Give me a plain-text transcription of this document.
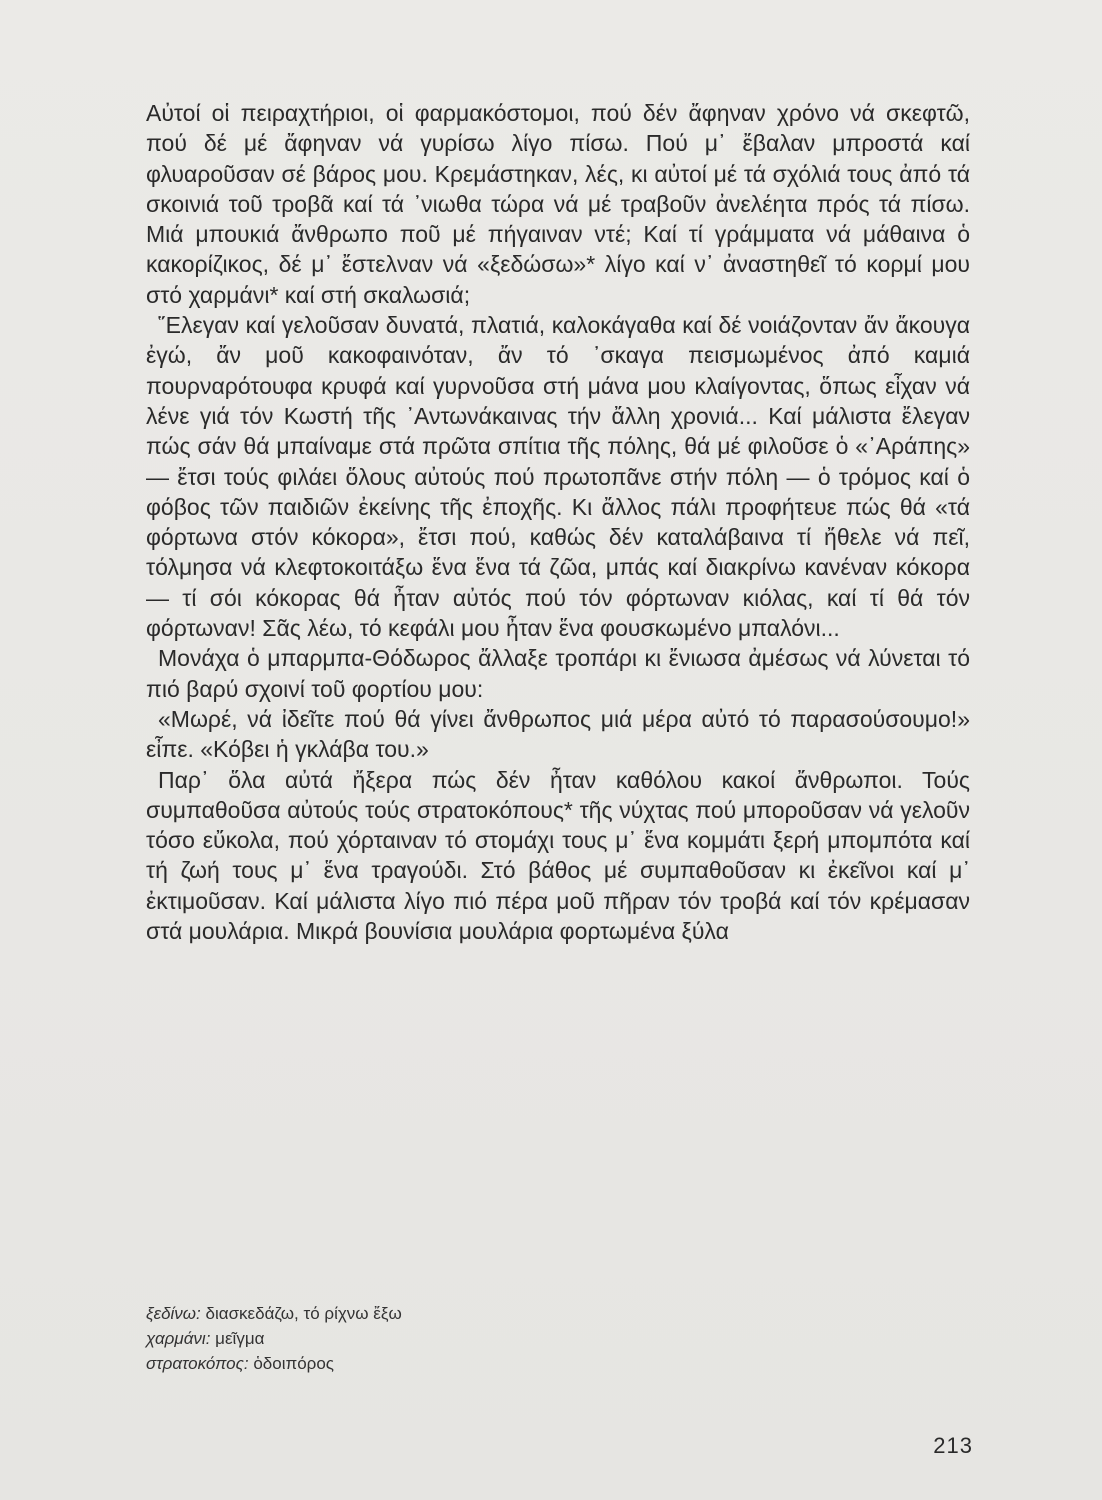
Αὐτοί οἱ πειραχτήριοι, οἱ φαρμακόστομοι, πού δέν ἄφηναν χρόνο νά σκεφτῶ, πού δέ μέ ἄφηναν νά γυρίσω λίγο πίσω. Πού μ᾽ ἔβαλαν μπροστά καί φλυαροῦσαν σέ βάρος μου. Κρεμάστηκαν, λές, κι αὐτοί μέ τά σχόλιά τους ἀπό τά σκοινιά τοῦ τροβᾶ καί τά ᾽νιωθα τώρα νά μέ τραβοῦν ἀνελέητα πρός τά πίσω. Μιά μπουκιά ἄνθρωπο ποῦ μέ πήγαιναν ντέ; Καί τί γράμματα νά μάθαινα ὁ κακορίζικος, δέ μ᾽ ἔστελναν νά «ξεδώσω»* λίγο καί ν᾽ ἀναστηθεῖ τό κορμί μου στό χαρμάνι* καί στή σκαλωσιά;

῞Ελεγαν καί γελοῦσαν δυνατά, πλατιά, καλοκάγαθα καί δέ νοιάζονταν ἄν ἄκουγα ἐγώ, ἄν μοῦ κακοφαινόταν, ἄν τό ᾽σκαγα πεισμωμένος ἀπό καμιά πουρναρότουφα κρυφά καί γυρνοῦσα στή μάνα μου κλαίγοντας, ὅπως εἶχαν νά λένε γιά τόν Κωστή τῆς ᾽Αντωνάκαινας τήν ἄλλη χρονιά... Καί μάλιστα ἔλεγαν πώς σάν θά μπαίναμε στά πρῶτα σπίτια τῆς πόλης, θά μέ φιλοῦσε ὁ «᾽Αράπης» — ἔτσι τούς φιλάει ὅλους αὐτούς πού πρωτοπᾶνε στήν πόλη — ὁ τρόμος καί ὁ φόβος τῶν παιδιῶν ἐκείνης τῆς ἐποχῆς. Κι ἄλλος πάλι προφήτευε πώς θά «τά φόρτωνα στόν κόκορα», ἔτσι πού, καθώς δέν καταλάβαινα τί ἤθελε νά πεῖ, τόλμησα νά κλεφτοκοιτάξω ἕνα ἕνα τά ζῶα, μπάς καί διακρίνω κανέναν κόκορα — τί σόι κόκορας θά ἦταν αὐτός πού τόν φόρτωναν κιόλας, καί τί θά τόν φόρτωναν! Σᾶς λέω, τό κεφάλι μου ἦταν ἕνα φουσκωμένο μπαλόνι...

Μονάχα ὁ μπαρμπα-Θόδωρος ἄλλαξε τροπάρι κι ἔνιωσα ἀμέσως νά λύνεται τό πιό βαρύ σχοινί τοῦ φορτίου μου:

«Μωρέ, νά ἰδεῖτε πού θά γίνει ἄνθρωπος μιά μέρα αὐτό τό παρασούσουμο!» εἶπε. «Κόβει ἡ γκλάβα του.»

Παρ᾽ ὅλα αὐτά ἤξερα πώς δέν ἦταν καθόλου κακοί ἄνθρωποι. Τούς συμπαθοῦσα αὐτούς τούς στρατοκόπους* τῆς νύχτας πού μποροῦσαν νά γελοῦν τόσο εὔκολα, πού χόρταιναν τό στομάχι τους μ᾽ ἕνα κομμάτι ξερή μπομπότα καί τή ζωή τους μ᾽ ἕνα τραγούδι. Στό βάθος μέ συμπαθοῦσαν κι ἐκεῖνοι καί μ᾽ ἐκτιμοῦσαν. Καί μάλιστα λίγο πιό πέρα μοῦ πῆραν τόν τροβά καί τόν κρέμασαν στά μουλάρια. Μικρά βουνίσια μουλάρια φορτωμένα ξύλα

ξεδίνω: διασκεδάζω, τό ρίχνω ἔξω
χαρμάνι: μεῖγμα
στρατοκόπος: ὁδοιπόρος
213
